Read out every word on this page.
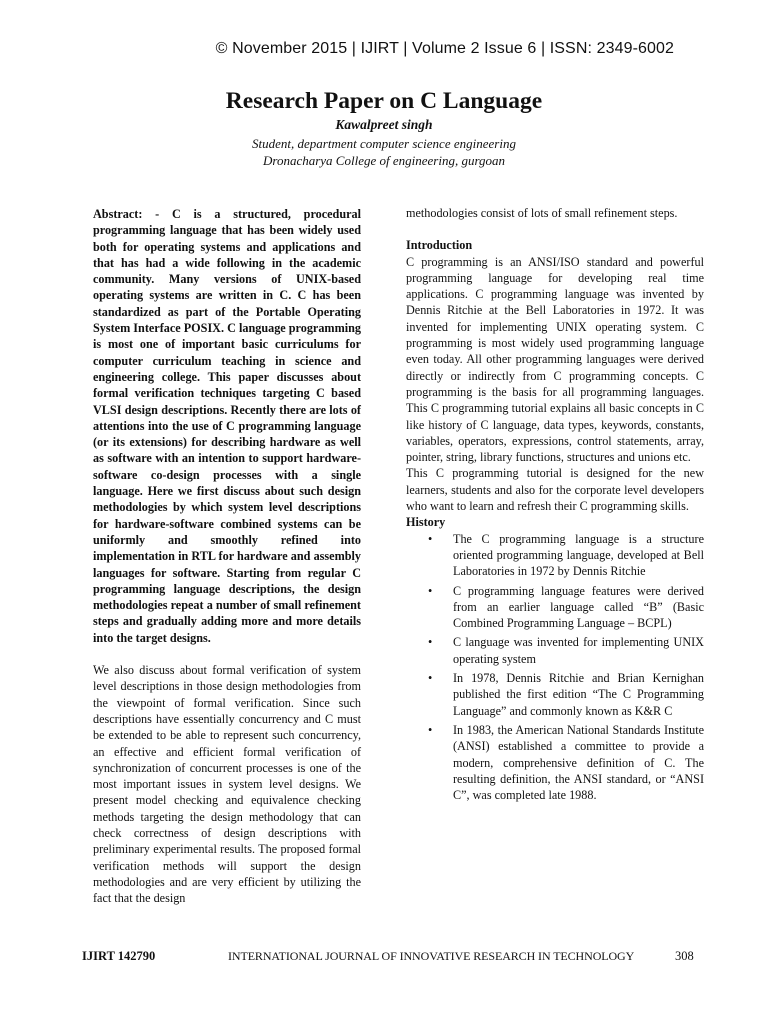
© November 2015 | IJIRT | Volume 2 Issue 6 | ISSN: 2349-6002
Research Paper on C Language
Kawalpreet singh
Student, department computer science engineering
Dronacharya College of engineering, gurgoan

Abstract: - C is a structured, procedural programming language that has been widely used both for operating systems and applications and that has had a wide following in the academic community. Many versions of UNIX-based operating systems are written in C. C has been standardized as part of the Portable Operating System Interface POSIX. C language programming is most one of important basic curriculums for computer curriculum teaching in science and engineering college. This paper discusses about formal verification techniques targeting C based VLSI design descriptions. Recently there are lots of attentions into the use of C programming language (or its extensions) for describing hardware as well as software with an intention to support hardware-software co-design processes with a single language. Here we first discuss about such design methodologies by which system level descriptions for hardware-software combined systems can be uniformly and smoothly refined into implementation in RTL for hardware and assembly languages for software. Starting from regular C programming language descriptions, the design methodologies repeat a number of small refinement steps and gradually adding more and more details into the target designs.

We also discuss about formal verification of system level descriptions in those design methodologies from the viewpoint of formal verification. Since such descriptions have essentially concurrency and C must be extended to be able to represent such concurrency, an effective and efficient formal verification of synchronization of concurrent processes is one of the most important issues in system level designs. We present model checking and equivalence checking methods targeting the design methodology that can check correctness of design descriptions with preliminary experimental results. The proposed formal verification methods will support the design methodologies and are very efficient by utilizing the fact that the design

methodologies consist of lots of small refinement steps.

Introduction

C programming is an ANSI/ISO standard and powerful programming language for developing real time applications. C programming language was invented by Dennis Ritchie at the Bell Laboratories in 1972. It was invented for implementing UNIX operating system. C programming is most widely used programming language even today. All other programming languages were derived directly or indirectly from C programming concepts. C programming is the basis for all programming languages. This C programming tutorial explains all basic concepts in C like history of C language, data types, keywords, constants, variables, operators, expressions, control statements, array, pointer, string, library functions, structures and unions etc.

This C programming tutorial is designed for the new learners, students and also for the corporate level developers who want to learn and refresh their C programming skills.

History

• The C programming language is a structure oriented programming language, developed at Bell Laboratories in 1972 by Dennis Ritchie
• C programming language features were derived from an earlier language called “B” (Basic Combined Programming Language – BCPL)
• C language was invented for implementing UNIX operating system
• In 1978, Dennis Ritchie and Brian Kernighan published the first edition “The C Programming Language” and commonly known as K&R C
• In 1983, the American National Standards Institute (ANSI) established a committee to provide a modern, comprehensive definition of C. The resulting definition, the ANSI standard, or “ANSI C”, was completed late 1988.
IJIRT 142790	INTERNATIONAL JOURNAL OF INNOVATIVE RESEARCH IN TECHNOLOGY	308
